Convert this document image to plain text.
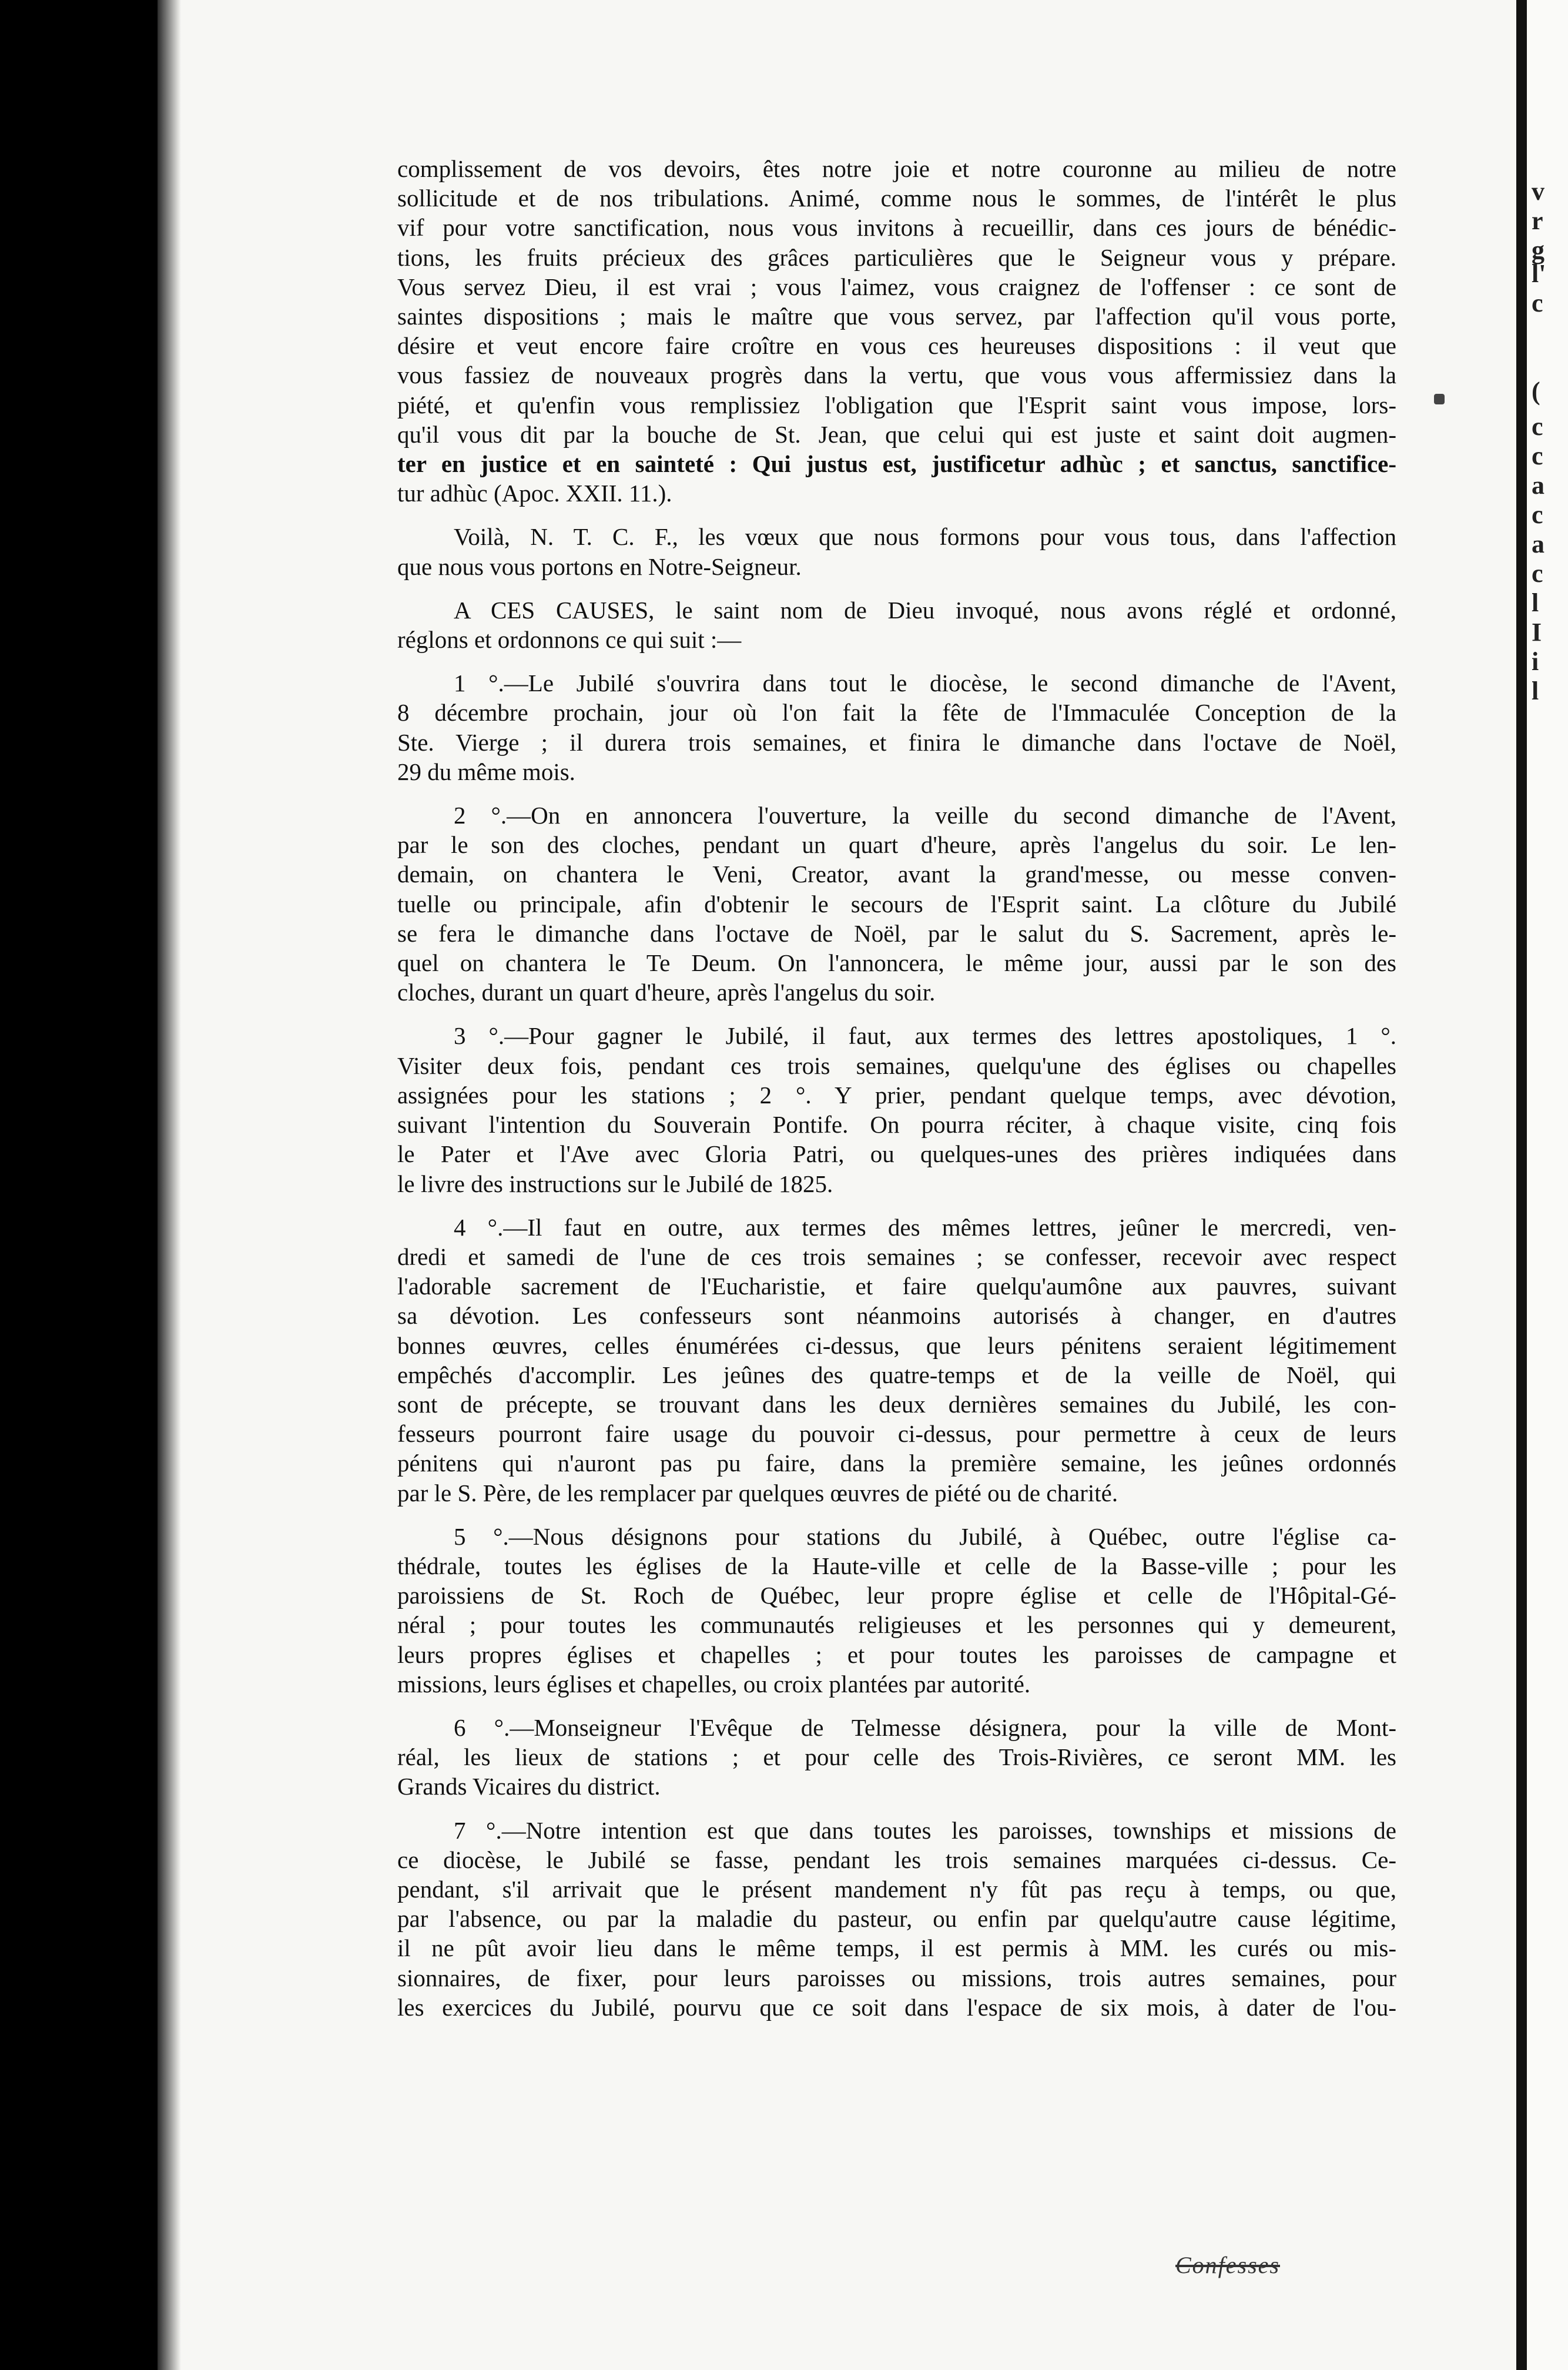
v
r
g
l'
c
(
c
c
a
c
a
c
l
I
i
l
complissement de vos devoirs, êtes notre joie et notre couronne au milieu de notre
sollicitude et de nos tribulations. Animé, comme nous le sommes, de l'intérêt le plus
vif pour votre sanctification, nous vous invitons à recueillir, dans ces jours de bénédic-
tions, les fruits précieux des grâces particulières que le Seigneur vous y prépare.
Vous servez Dieu, il est vrai ; vous l'aimez, vous craignez de l'offenser : ce sont de
saintes dispositions ; mais le maître que vous servez, par l'affection qu'il vous porte,
désire et veut encore faire croître en vous ces heureuses dispositions : il veut que
vous fassiez de nouveaux progrès dans la vertu, que vous vous affermissiez dans la
piété, et qu'enfin vous remplissiez l'obligation que l'Esprit saint vous impose, lors-
qu'il vous dit par la bouche de St. Jean, que celui qui est juste et saint doit augmen-
ter en justice et en sainteté : Qui justus est, justificetur adhùc ; et sanctus, sanctifice-
tur adhùc (Apoc. XXII. 11.).
Voilà, N. T. C. F., les vœux que nous formons pour vous tous, dans l'affection
que nous vous portons en Notre-Seigneur.
A CES CAUSES, le saint nom de Dieu invoqué, nous avons réglé et ordonné,
réglons et ordonnons ce qui suit :—
1 °.—Le Jubilé s'ouvrira dans tout le diocèse, le second dimanche de l'Avent,
8 décembre prochain, jour où l'on fait la fête de l'Immaculée Conception de la
Ste. Vierge ; il durera trois semaines, et finira le dimanche dans l'octave de Noël,
29 du même mois.
2 °.—On en annoncera l'ouverture, la veille du second dimanche de l'Avent,
par le son des cloches, pendant un quart d'heure, après l'angelus du soir. Le len-
demain, on chantera le Veni, Creator, avant la grand'messe, ou messe conven-
tuelle ou principale, afin d'obtenir le secours de l'Esprit saint. La clôture du Jubilé
se fera le dimanche dans l'octave de Noël, par le salut du S. Sacrement, après le-
quel on chantera le Te Deum. On l'annoncera, le même jour, aussi par le son des
cloches, durant un quart d'heure, après l'angelus du soir.
3 °.—Pour gagner le Jubilé, il faut, aux termes des lettres apostoliques, 1 °.
Visiter deux fois, pendant ces trois semaines, quelqu'une des églises ou chapelles
assignées pour les stations ; 2 °. Y prier, pendant quelque temps, avec dévotion,
suivant l'intention du Souverain Pontife. On pourra réciter, à chaque visite, cinq fois
le Pater et l'Ave avec Gloria Patri, ou quelques-unes des prières indiquées dans
le livre des instructions sur le Jubilé de 1825.
4 °.—Il faut en outre, aux termes des mêmes lettres, jeûner le mercredi, ven-
dredi et samedi de l'une de ces trois semaines ; se confesser, recevoir avec respect
l'adorable sacrement de l'Eucharistie, et faire quelqu'aumône aux pauvres, suivant
sa dévotion. Les confesseurs sont néanmoins autorisés à changer, en d'autres
bonnes œuvres, celles énumérées ci-dessus, que leurs pénitens seraient légitimement
empêchés d'accomplir. Les jeûnes des quatre-temps et de la veille de Noël, qui
sont de précepte, se trouvant dans les deux dernières semaines du Jubilé, les con-
fesseurs pourront faire usage du pouvoir ci-dessus, pour permettre à ceux de leurs
pénitens qui n'auront pas pu faire, dans la première semaine, les jeûnes ordonnés
par le S. Père, de les remplacer par quelques œuvres de piété ou de charité.
5 °.—Nous désignons pour stations du Jubilé, à Québec, outre l'église ca-
thédrale, toutes les églises de la Haute-ville et celle de la Basse-ville ; pour les
paroissiens de St. Roch de Québec, leur propre église et celle de l'Hôpital-Gé-
néral ; pour toutes les communautés religieuses et les personnes qui y demeurent,
leurs propres églises et chapelles ; et pour toutes les paroisses de campagne et
missions, leurs églises et chapelles, ou croix plantées par autorité.
6 °.—Monseigneur l'Evêque de Telmesse désignera, pour la ville de Mont-
réal, les lieux de stations ; et pour celle des Trois-Rivières, ce seront MM. les
Grands Vicaires du district.
7 °.—Notre intention est que dans toutes les paroisses, townships et missions de
ce diocèse, le Jubilé se fasse, pendant les trois semaines marquées ci-dessus. Ce-
pendant, s'il arrivait que le présent mandement n'y fût pas reçu à temps, ou que,
par l'absence, ou par la maladie du pasteur, ou enfin par quelqu'autre cause légitime,
il ne pût avoir lieu dans le même temps, il est permis à MM. les curés ou mis-
sionnaires, de fixer, pour leurs paroisses ou missions, trois autres semaines, pour
les exercices du Jubilé, pourvu que ce soit dans l'espace de six mois, à dater de l'ou-
Confesses
